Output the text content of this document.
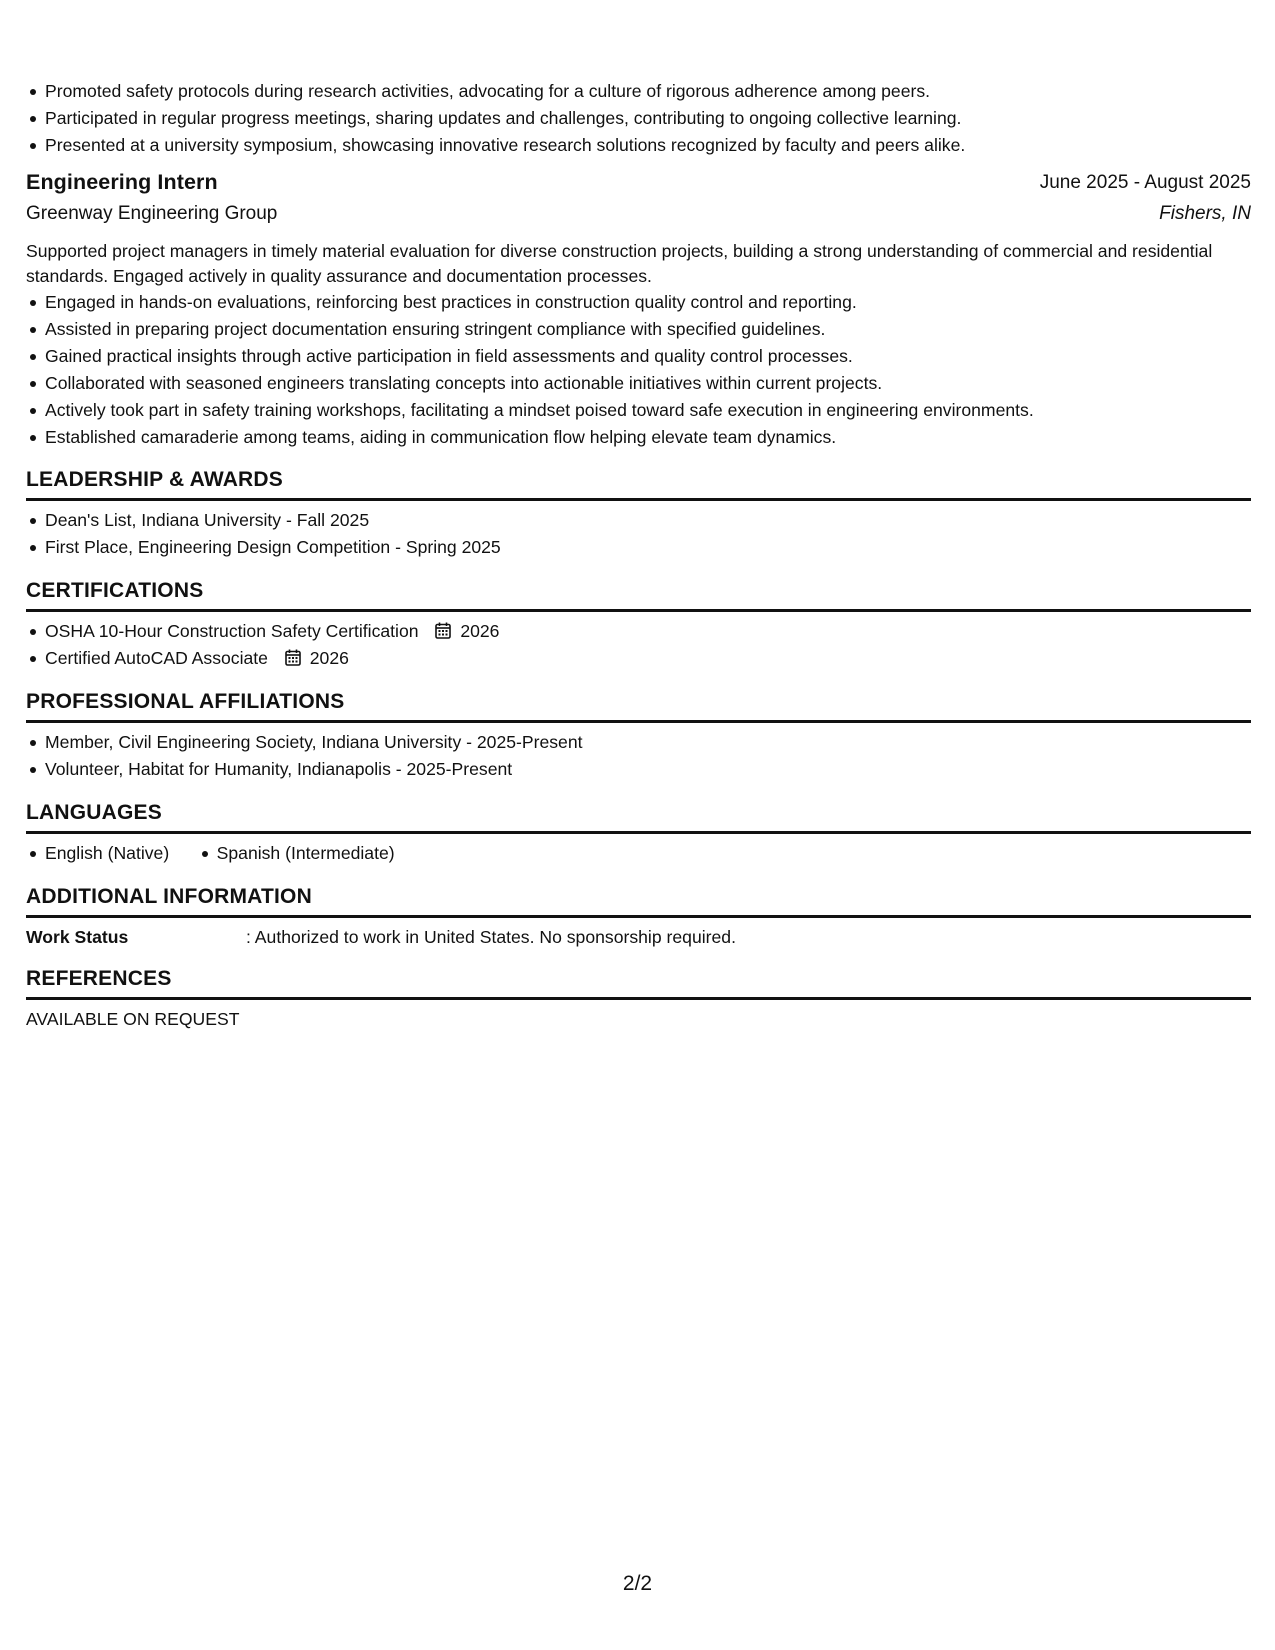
Promoted safety protocols during research activities, advocating for a culture of rigorous adherence among peers.
Participated in regular progress meetings, sharing updates and challenges, contributing to ongoing collective learning.
Presented at a university symposium, showcasing innovative research solutions recognized by faculty and peers alike.
Engineering Intern	June 2025 - August 2025
Greenway Engineering Group	Fishers, IN
Supported project managers in timely material evaluation for diverse construction projects, building a strong understanding of commercial and residential standards. Engaged actively in quality assurance and documentation processes.
Engaged in hands-on evaluations, reinforcing best practices in construction quality control and reporting.
Assisted in preparing project documentation ensuring stringent compliance with specified guidelines.
Gained practical insights through active participation in field assessments and quality control processes.
Collaborated with seasoned engineers translating concepts into actionable initiatives within current projects.
Actively took part in safety training workshops, facilitating a mindset poised toward safe execution in engineering environments.
Established camaraderie among teams, aiding in communication flow helping elevate team dynamics.
LEADERSHIP & AWARDS
Dean's List, Indiana University - Fall 2025
First Place, Engineering Design Competition - Spring 2025
CERTIFICATIONS
OSHA 10-Hour Construction Safety Certification 2026
Certified AutoCAD Associate 2026
PROFESSIONAL AFFILIATIONS
Member, Civil Engineering Society, Indiana University - 2025-Present
Volunteer, Habitat for Humanity, Indianapolis - 2025-Present
LANGUAGES
English (Native)	Spanish (Intermediate)
ADDITIONAL INFORMATION
Work Status	: Authorized to work in United States. No sponsorship required.
REFERENCES
AVAILABLE ON REQUEST
2/2
